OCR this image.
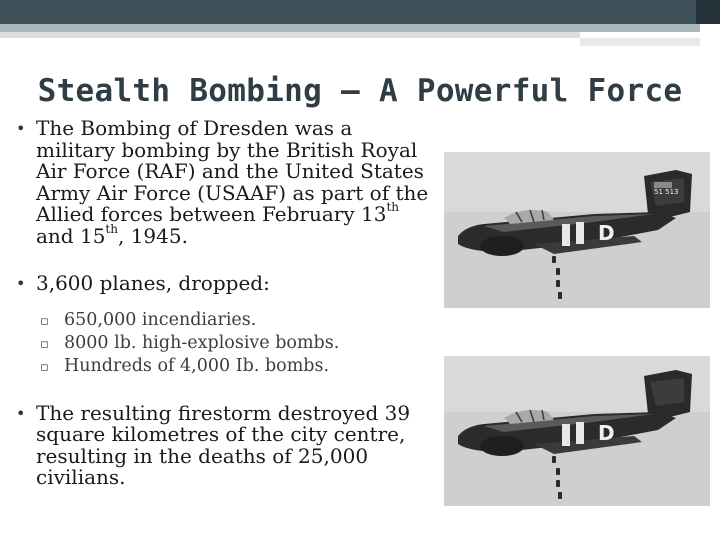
Stealth Bombing – A Powerful Force
• The Bombing of Dresden was a
military bombing by the British Royal
Air Force (RAF) and the United States
Army Air Force (USAAF) as part of the
Allied forces between February 13th
and 15th, 1945.
• 3,600 planes, dropped:
▫ 650,000 incendiaries.
▫ 8000 lb. high-explosive bombs.
▫ Hundreds of 4,000 Ib. bombs.
• The resulting firestorm destroyed 39
square kilometres of the city centre,
resulting in the deaths of 25,000
civilians.
D
51 513
D
